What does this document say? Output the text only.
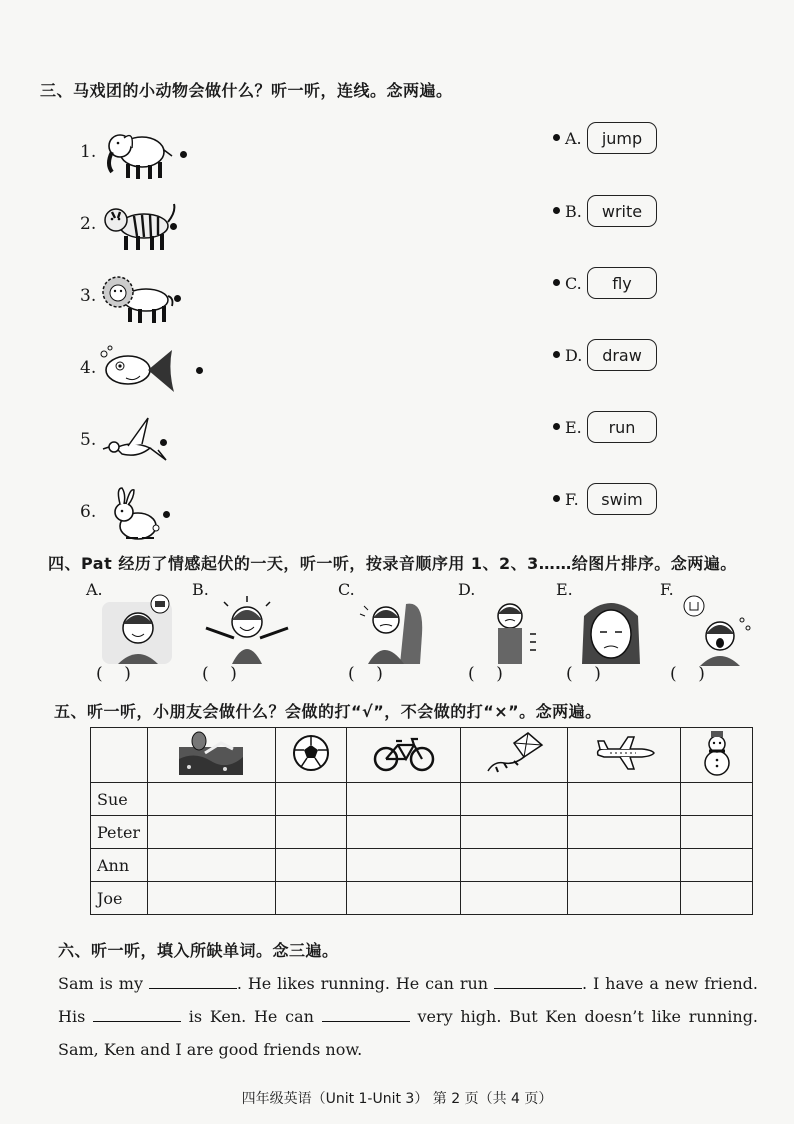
三、马戏团的小动物会做什么？听一听，连线。念两遍。
1.
2.
3.
4.
5.
6.
A.	jump
B.	write
C.	fly
D.	draw
E.	run
F.	swim
四、Pat 经历了情感起伏的一天，听一听，按录音顺序用 1、2、3……给图片排序。念两遍。
A.
(    )
B.
(    )
C.
(    )
D.
(    )
E.
(    )
F.
(    )
五、听一听，小朋友会做什么？会做的打“√”，不会做的打“×”。念两遍。

Sue						
Peter						
Ann						
Joe						
六、听一听，填入所缺单词。念三遍。
Sam is my	. He likes running. He can run	. I have a new friend. His	is Ken. He can	very high. But Ken doesn’t like running. Sam, Ken and I are good friends now.
四年级英语（Unit 1-Unit 3） 第 2 页（共 4 页）
